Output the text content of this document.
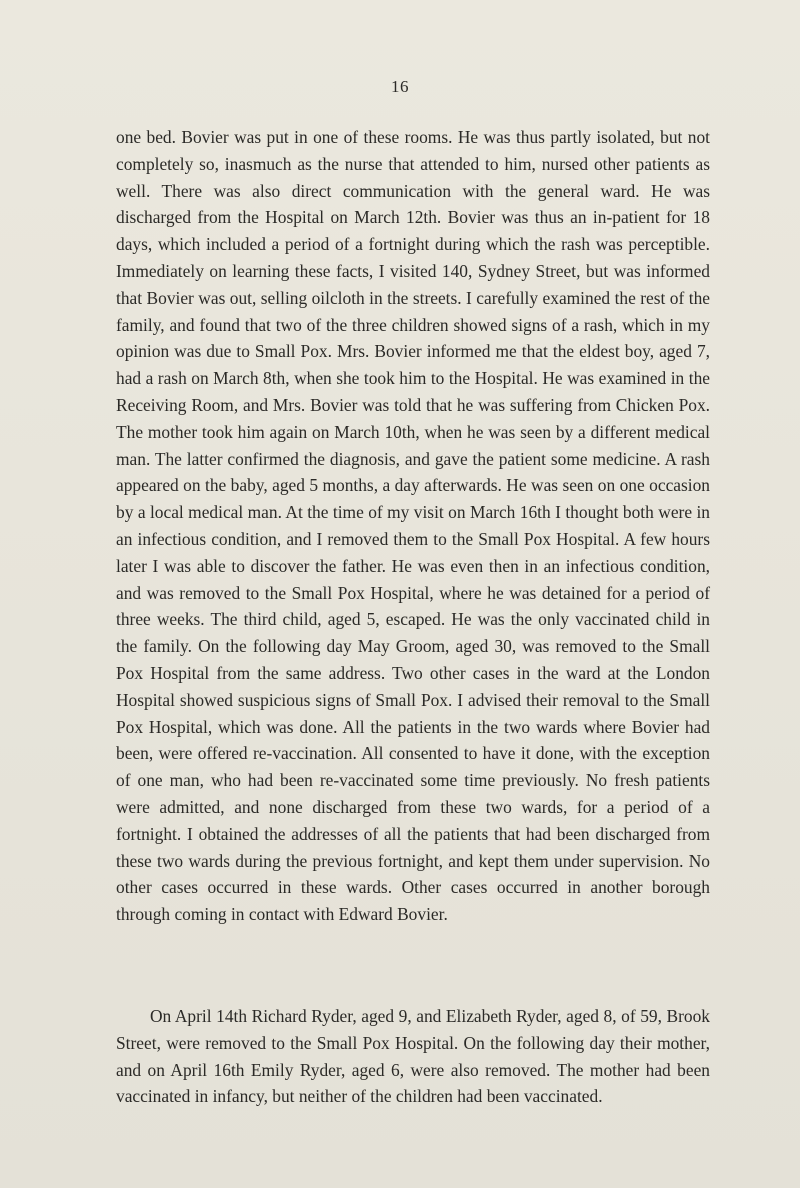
16

one bed. Bovier was put in one of these rooms. He was thus partly isolated, but not completely so, inasmuch as the nurse that attended to him, nursed other patients as well. There was also direct communication with the general ward. He was discharged from the Hospital on March 12th. Bovier was thus an in-patient for 18 days, which included a period of a fortnight during which the rash was perceptible. Immediately on learning these facts, I visited 140, Sydney Street, but was informed that Bovier was out, selling oilcloth in the streets. I carefully examined the rest of the family, and found that two of the three children showed signs of a rash, which in my opinion was due to Small Pox. Mrs. Bovier informed me that the eldest boy, aged 7, had a rash on March 8th, when she took him to the Hospital. He was examined in the Receiving Room, and Mrs. Bovier was told that he was suffering from Chicken Pox. The mother took him again on March 10th, when he was seen by a different medical man. The latter confirmed the diagnosis, and gave the patient some medicine. A rash appeared on the baby, aged 5 months, a day afterwards. He was seen on one occasion by a local medical man. At the time of my visit on March 16th I thought both were in an infectious condition, and I removed them to the Small Pox Hospital. A few hours later I was able to discover the father. He was even then in an infectious condition, and was removed to the Small Pox Hospital, where he was detained for a period of three weeks. The third child, aged 5, escaped. He was the only vaccinated child in the family. On the following day May Groom, aged 30, was removed to the Small Pox Hospital from the same address. Two other cases in the ward at the London Hospital showed suspicious signs of Small Pox. I advised their removal to the Small Pox Hospital, which was done. All the patients in the two wards where Bovier had been, were offered re-vaccination. All consented to have it done, with the exception of one man, who had been re-vaccinated some time previously. No fresh patients were admitted, and none discharged from these two wards, for a period of a fortnight. I obtained the addresses of all the patients that had been discharged from these two wards during the previous fortnight, and kept them under supervision. No other cases occurred in these wards. Other cases occurred in another borough through coming in contact with Edward Bovier.

On April 14th Richard Ryder, aged 9, and Elizabeth Ryder, aged 8, of 59, Brook Street, were removed to the Small Pox Hospital. On the following day their mother, and on April 16th Emily Ryder, aged 6, were also removed. The mother had been vaccinated in infancy, but neither of the children had been vaccinated.
